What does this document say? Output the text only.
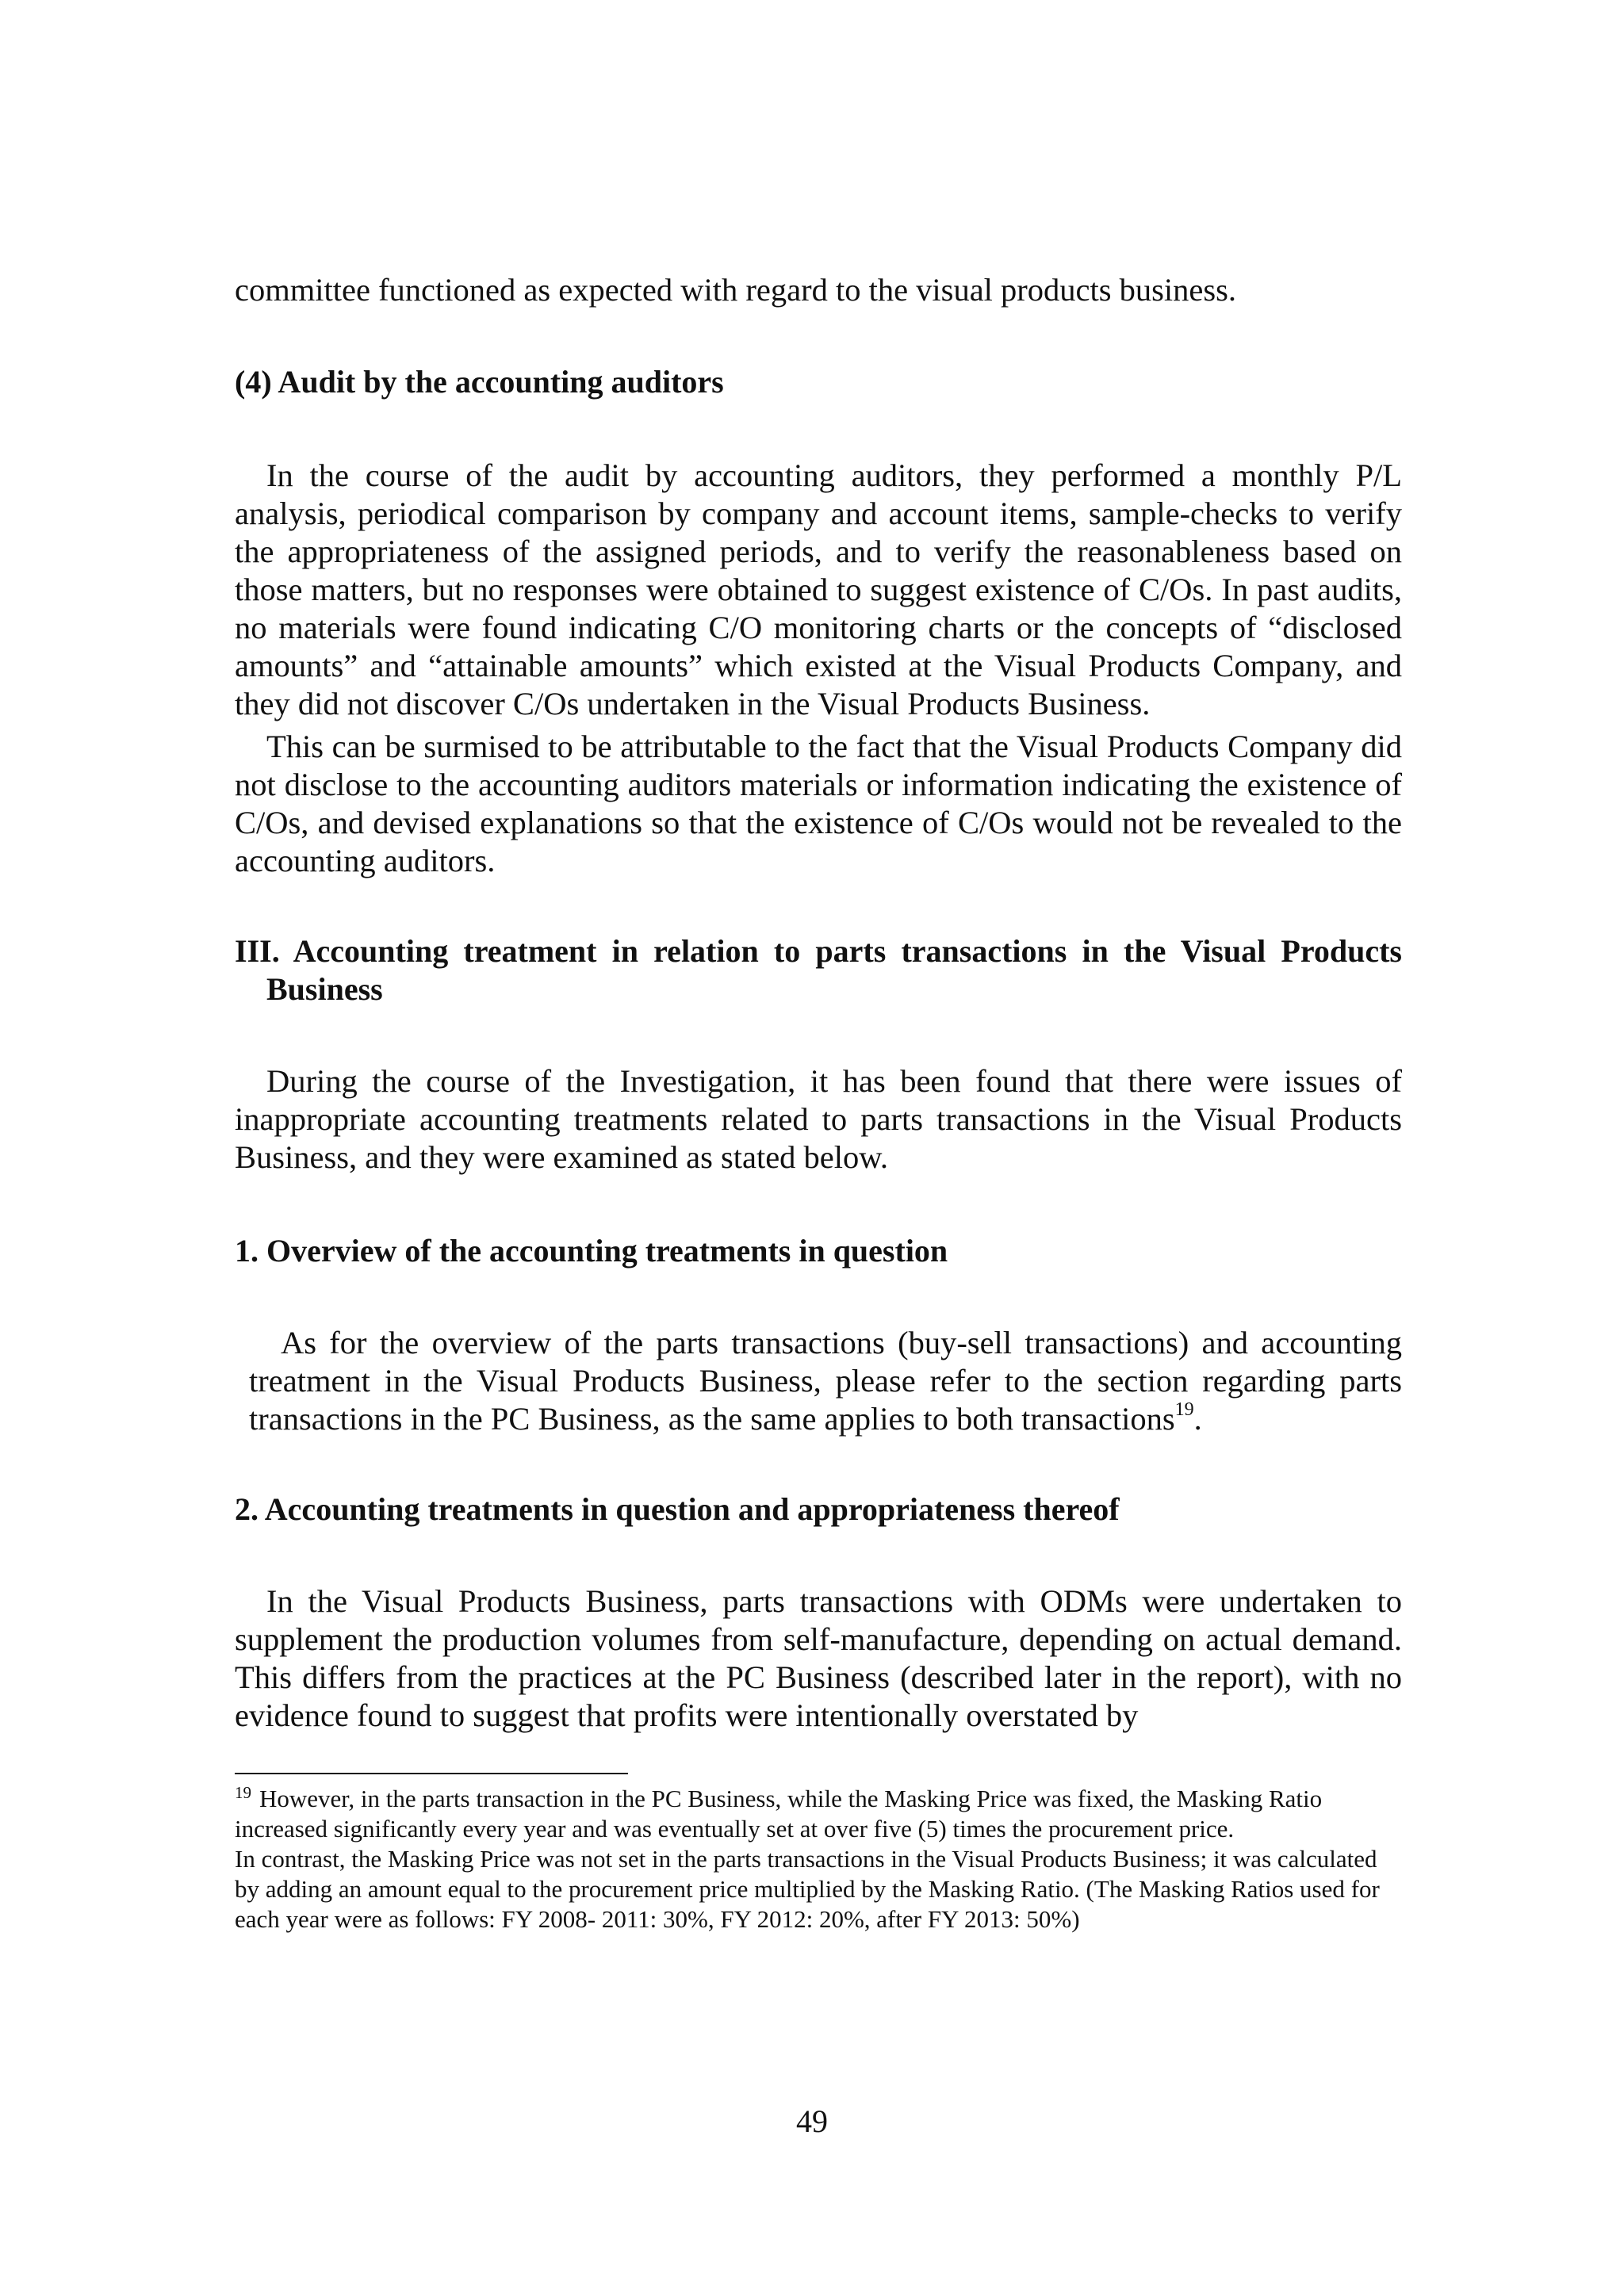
committee functioned as expected with regard to the visual products business.

(4) Audit by the accounting auditors

In the course of the audit by accounting auditors, they performed a monthly P/L analysis, periodical comparison by company and account items, sample-checks to verify the appropriateness of the assigned periods, and to verify the reasonableness based on those matters, but no responses were obtained to suggest existence of C/Os. In past audits, no materials were found indicating C/O monitoring charts or the concepts of “disclosed amounts” and “attainable amounts” which existed at the Visual Products Company, and they did not discover C/Os undertaken in the Visual Products Business.

This can be surmised to be attributable to the fact that the Visual Products Company did not disclose to the accounting auditors materials or information indicating the existence of C/Os, and devised explanations so that the existence of C/Os would not be revealed to the accounting auditors.

III. Accounting treatment in relation to parts transactions in the Visual Products Business

During the course of the Investigation, it has been found that there were issues of inappropriate accounting treatments related to parts transactions in the Visual Products Business, and they were examined as stated below.

1. Overview of the accounting treatments in question

As for the overview of the parts transactions (buy-sell transactions) and accounting treatment in the Visual Products Business, please refer to the section regarding parts transactions in the PC Business, as the same applies to both transactions$^{19}$.

2. Accounting treatments in question and appropriateness thereof

In the Visual Products Business, parts transactions with ODMs were undertaken to supplement the production volumes from self-manufacture, depending on actual demand. This differs from the practices at the PC Business (described later in the report), with no evidence found to suggest that profits were intentionally overstated by

$^{19}$ However, in the parts transaction in the PC Business, while the Masking Price was fixed, the Masking Ratio increased significantly every year and was eventually set at over five (5) times the procurement price.

In contrast, the Masking Price was not set in the parts transactions in the Visual Products Business; it was calculated by adding an amount equal to the procurement price multiplied by the Masking Ratio. (The Masking Ratios used for each year were as follows: FY 2008- 2011: 30%, FY 2012: 20%, after FY 2013: 50%)

49
